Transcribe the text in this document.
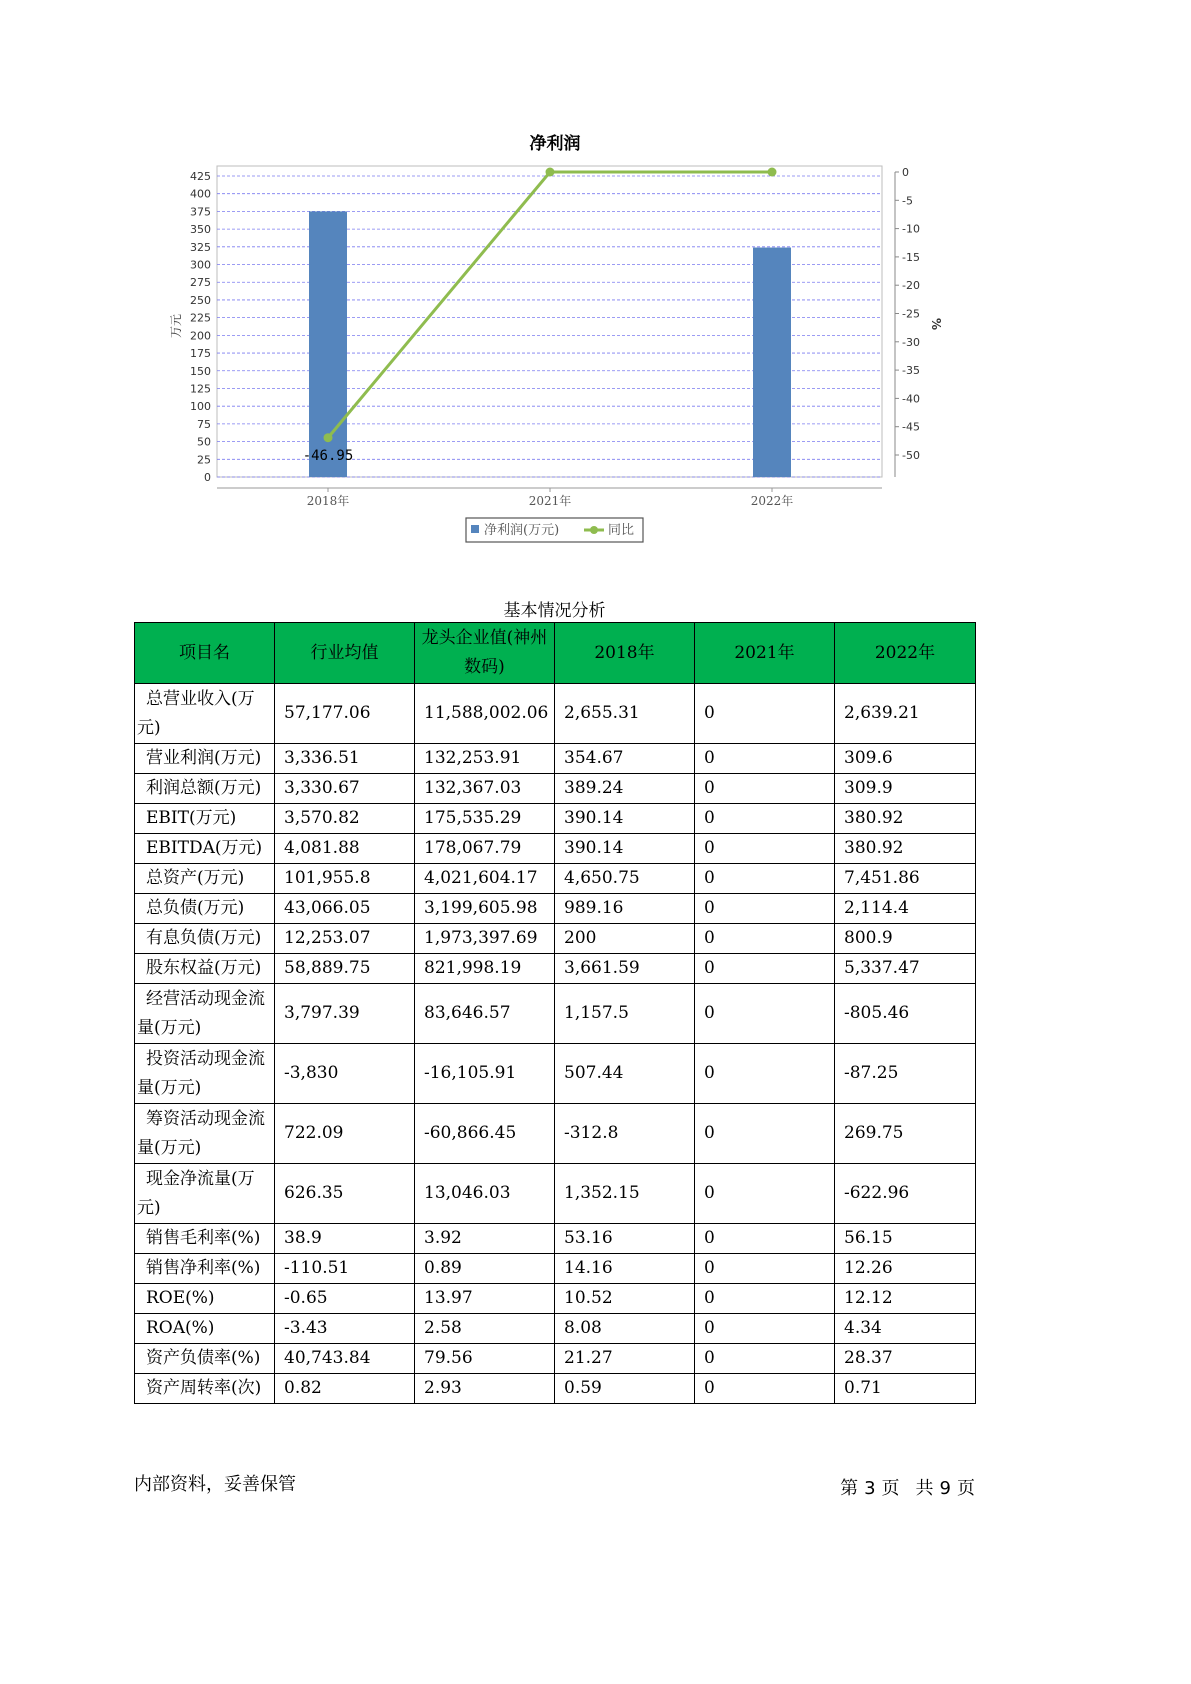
净利润
0
25
50
75
100
125
150
175
200
225
250
275
300
325
350
375
400
425	0
-5
-10
-15
-20
-25
-30
-35
-40
-45
-50
万元	%
2018年	2021年	2022年
-46.95
净利润(万元)	同比
基本情况分析
项目名	行业均值	龙头企业值(神州数码)	2018年	2021年	2022年
总营业收入(万元)	57,177.06	11,588,002.06	2,655.31	0	2,639.21
营业利润(万元)	3,336.51	132,253.91	354.67	0	309.6
利润总额(万元)	3,330.67	132,367.03	389.24	0	309.9
EBIT(万元)	3,570.82	175,535.29	390.14	0	380.92
EBITDA(万元)	4,081.88	178,067.79	390.14	0	380.92
总资产(万元)	101,955.8	4,021,604.17	4,650.75	0	7,451.86
总负债(万元)	43,066.05	3,199,605.98	989.16	0	2,114.4
有息负债(万元)	12,253.07	1,973,397.69	200	0	800.9
股东权益(万元)	58,889.75	821,998.19	3,661.59	0	5,337.47
经营活动现金流量(万元)	3,797.39	83,646.57	1,157.5	0	-805.46
投资活动现金流量(万元)	-3,830	-16,105.91	507.44	0	-87.25
筹资活动现金流量(万元)	722.09	-60,866.45	-312.8	0	269.75
现金净流量(万元)	626.35	13,046.03	1,352.15	0	-622.96
销售毛利率(%)	38.9	3.92	53.16	0	56.15
销售净利率(%)	-110.51	0.89	14.16	0	12.26
ROE(%)	-0.65	13.97	10.52	0	12.12
ROA(%)	-3.43	2.58	8.08	0	4.34
资产负债率(%)	40,743.84	79.56	21.27	0	28.37
资产周转率(次)	0.82	2.93	0.59	0	0.71
内部资料，妥善保管	第 3 页 共 9 页
